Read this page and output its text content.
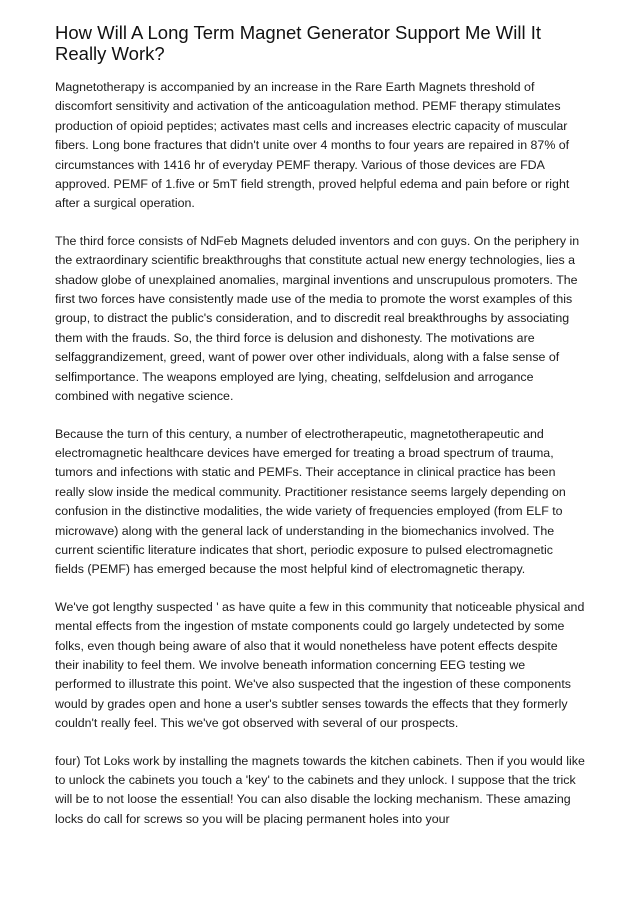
How Will A Long Term Magnet Generator Support Me Will It Really Work?

Magnetotherapy is accompanied by an increase in the Rare Earth Magnets threshold of discomfort sensitivity and activation of the anticoagulation method. PEMF therapy stimulates production of opioid peptides; activates mast cells and increases electric capacity of muscular fibers. Long bone fractures that didn't unite over 4 months to four years are repaired in 87% of circumstances with 1416 hr of everyday PEMF therapy. Various of those devices are FDA approved. PEMF of 1.five or 5mT field strength, proved helpful edema and pain before or right after a surgical operation.

The third force consists of NdFeb Magnets deluded inventors and con guys. On the periphery in the extraordinary scientific breakthroughs that constitute actual new energy technologies, lies a shadow globe of unexplained anomalies, marginal inventions and unscrupulous promoters. The first two forces have consistently made use of the media to promote the worst examples of this group, to distract the public's consideration, and to discredit real breakthroughs by associating them with the frauds. So, the third force is delusion and dishonesty. The motivations are selfaggrandizement, greed, want of power over other individuals, along with a false sense of selfimportance. The weapons employed are lying, cheating, selfdelusion and arrogance combined with negative science.

Because the turn of this century, a number of electrotherapeutic, magnetotherapeutic and electromagnetic healthcare devices have emerged for treating a broad spectrum of trauma, tumors and infections with static and PEMFs. Their acceptance in clinical practice has been really slow inside the medical community. Practitioner resistance seems largely depending on confusion in the distinctive modalities, the wide variety of frequencies employed (from ELF to microwave) along with the general lack of understanding in the biomechanics involved. The current scientific literature indicates that short, periodic exposure to pulsed electromagnetic fields (PEMF) has emerged because the most helpful kind of electromagnetic therapy.

We've got lengthy suspected ' as have quite a few in this community that noticeable physical and mental effects from the ingestion of mstate components could go largely undetected by some folks, even though being aware of also that it would nonetheless have potent effects despite their inability to feel them. We involve beneath information concerning EEG testing we performed to illustrate this point. We've also suspected that the ingestion of these components would by grades open and hone a user's subtler senses towards the effects that they formerly couldn't really feel. This we've got observed with several of our prospects.

four) Tot Loks work by installing the magnets towards the kitchen cabinets. Then if you would like to unlock the cabinets you touch a 'key' to the cabinets and they unlock. I suppose that the trick will be to not loose the essential! You can also disable the locking mechanism. These amazing locks do call for screws so you will be placing permanent holes into your
